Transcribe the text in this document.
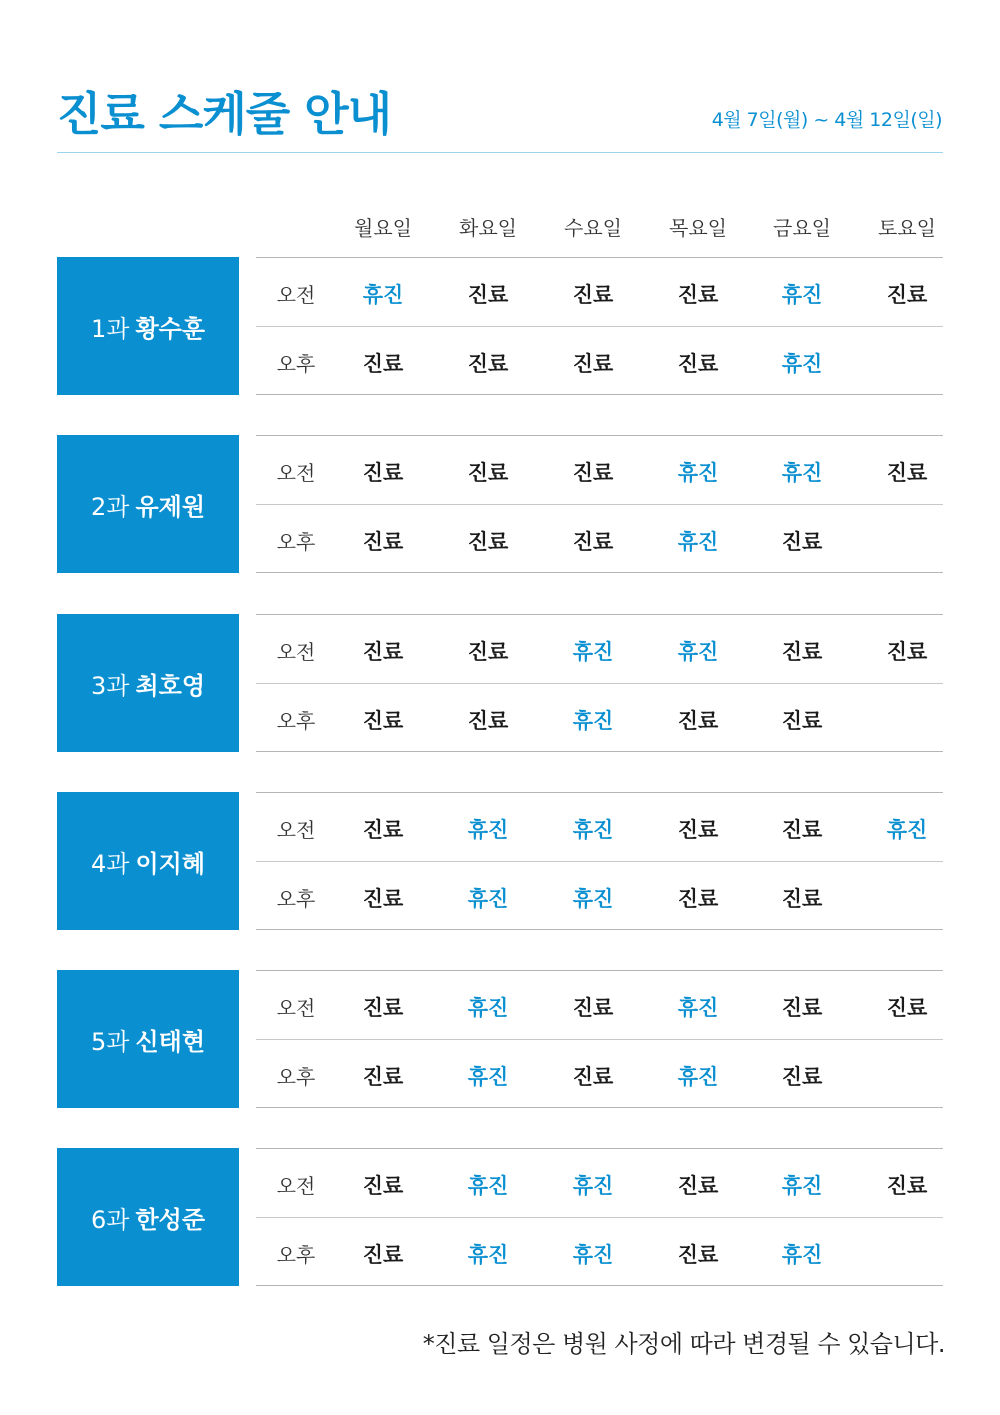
진료 스케줄 안내	4월 7일(월) ~ 4월 12일(일)
월요일	화요일	수요일	목요일	금요일	토요일
1과 황수훈
오전	휴진	진료	진료	진료	휴진	진료
오후	진료	진료	진료	진료	휴진
2과 유제원
오전	진료	진료	진료	휴진	휴진	진료
오후	진료	진료	진료	휴진	진료
3과 최호영
오전	진료	진료	휴진	휴진	진료	진료
오후	진료	진료	휴진	진료	진료
4과 이지혜
오전	진료	휴진	휴진	진료	진료	휴진
오후	진료	휴진	휴진	진료	진료
5과 신태현
오전	진료	휴진	진료	휴진	진료	진료
오후	진료	휴진	진료	휴진	진료
6과 한성준
오전	진료	휴진	휴진	진료	휴진	진료
오후	진료	휴진	휴진	진료	휴진
*진료 일정은 병원 사정에 따라 변경될 수 있습니다.
